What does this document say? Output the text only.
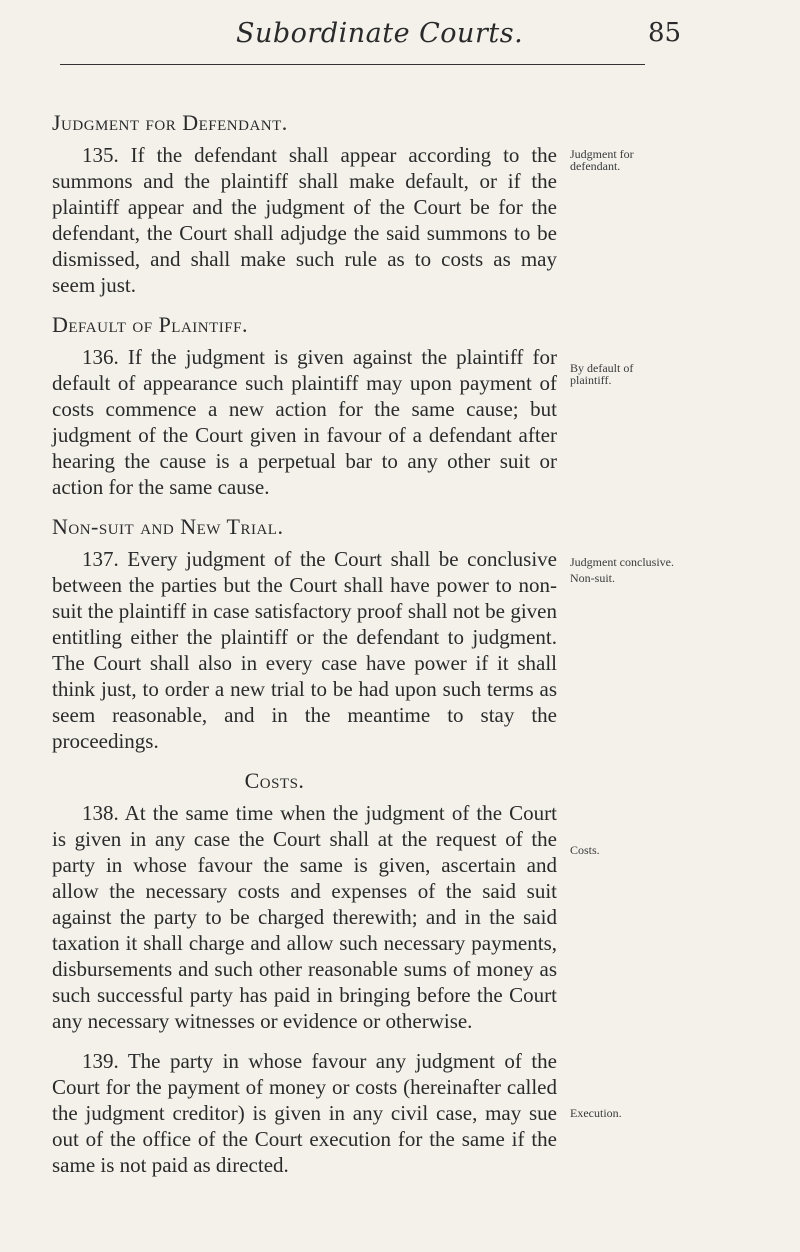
Subordinate Courts.	85
Judgment for Defendant.

135. If the defendant shall appear according to the summons and the plaintiff shall make default, or if the plaintiff appear and the judgment of the Court be for the defendant, the Court shall adjudge the said summons to be dismissed, and shall make such rule as to costs as may seem just.

Default of Plaintiff.

136. If the judgment is given against the plaintiff for default of appearance such plaintiff may upon payment of costs commence a new action for the same cause; but judgment of the Court given in favour of a defendant after hearing the cause is a perpetual bar to any other suit or action for the same cause.

Non-suit and New Trial.

137. Every judgment of the Court shall be conclusive between the parties but the Court shall have power to non-suit the plaintiff in case satisfactory proof shall not be given entitling either the plaintiff or the defendant to judgment. The Court shall also in every case have power if it shall think just, to order a new trial to be had upon such terms as seem reasonable, and in the meantime to stay the proceedings.

Costs.

138. At the same time when the judgment of the Court is given in any case the Court shall at the request of the party in whose favour the same is given, ascertain and allow the necessary costs and expenses of the said suit against the party to be charged therewith; and in the said taxation it shall charge and allow such necessary payments, disbursements and such other reasonable sums of money as such successful party has paid in bringing before the Court any necessary witnesses or evidence or otherwise.

139. The party in whose favour any judgment of the Court for the payment of money or costs (hereinafter called the judgment creditor) is given in any civil case, may sue out of the office of the Court execution for the same if the same is not paid as directed.

Judgment for defendant.
By default of plaintiff.
Judgment conclusive.
Non-suit.
Costs.
Execution.
